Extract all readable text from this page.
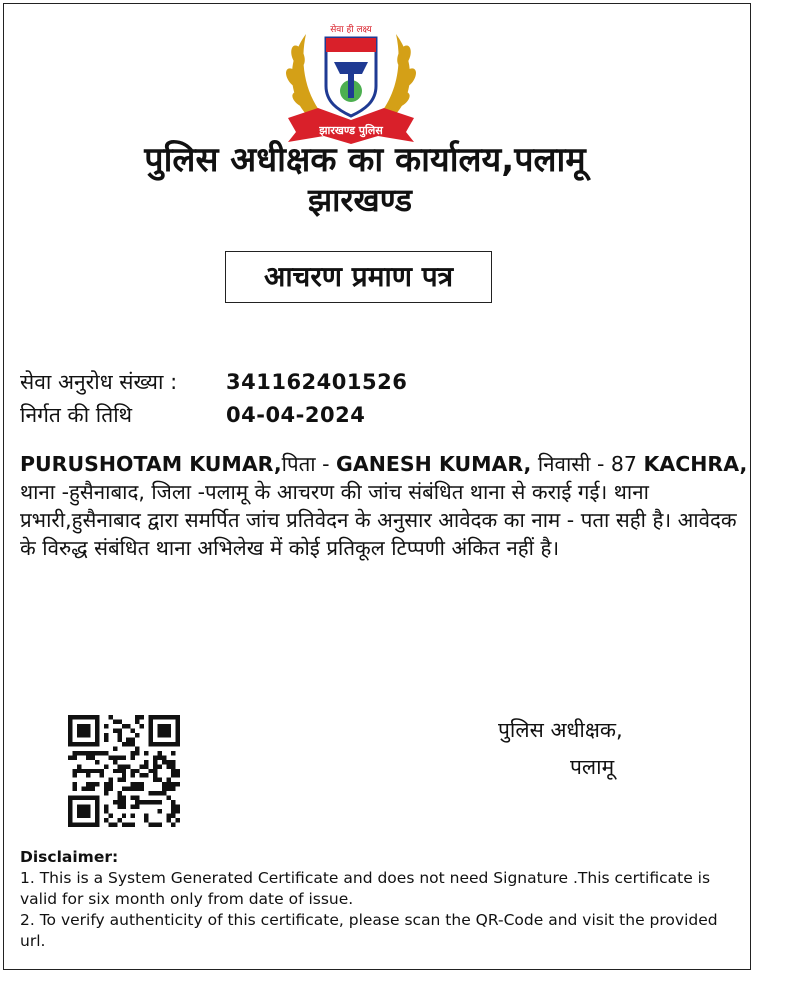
झारखण्ड पुलिस
सेवा ही लक्ष्य
पुलिस अधीक्षक का कार्यालय,पलामू
झारखण्ड
आचरण प्रमाण पत्र
सेवा अनुरोध संख्या : 341162401526
निर्गत की तिथि	04-04-2024
PURUSHOTAM KUMAR,पिता - GANESH KUMAR, निवासी - 87 KACHRA, थाना -हुसैनाबाद, जिला -पलामू के आचरण की जांच संबंधित थाना से कराई गई। थाना प्रभारी,हुसैनाबाद द्वारा समर्पित जांच प्रतिवेदन के अनुसार आवेदक का नाम - पता सही है। आवेदक के विरुद्ध संबंधित थाना अभिलेख में कोई प्रतिकूल टिप्पणी अंकित नहीं है।
पुलिस अधीक्षक,
पलामू
Disclaimer:
1. This is a System Generated Certificate and does not need Signature .This certificate is valid for six month only from date of issue.
2. To verify authenticity of this certificate, please scan the QR-Code and visit the provided url.
